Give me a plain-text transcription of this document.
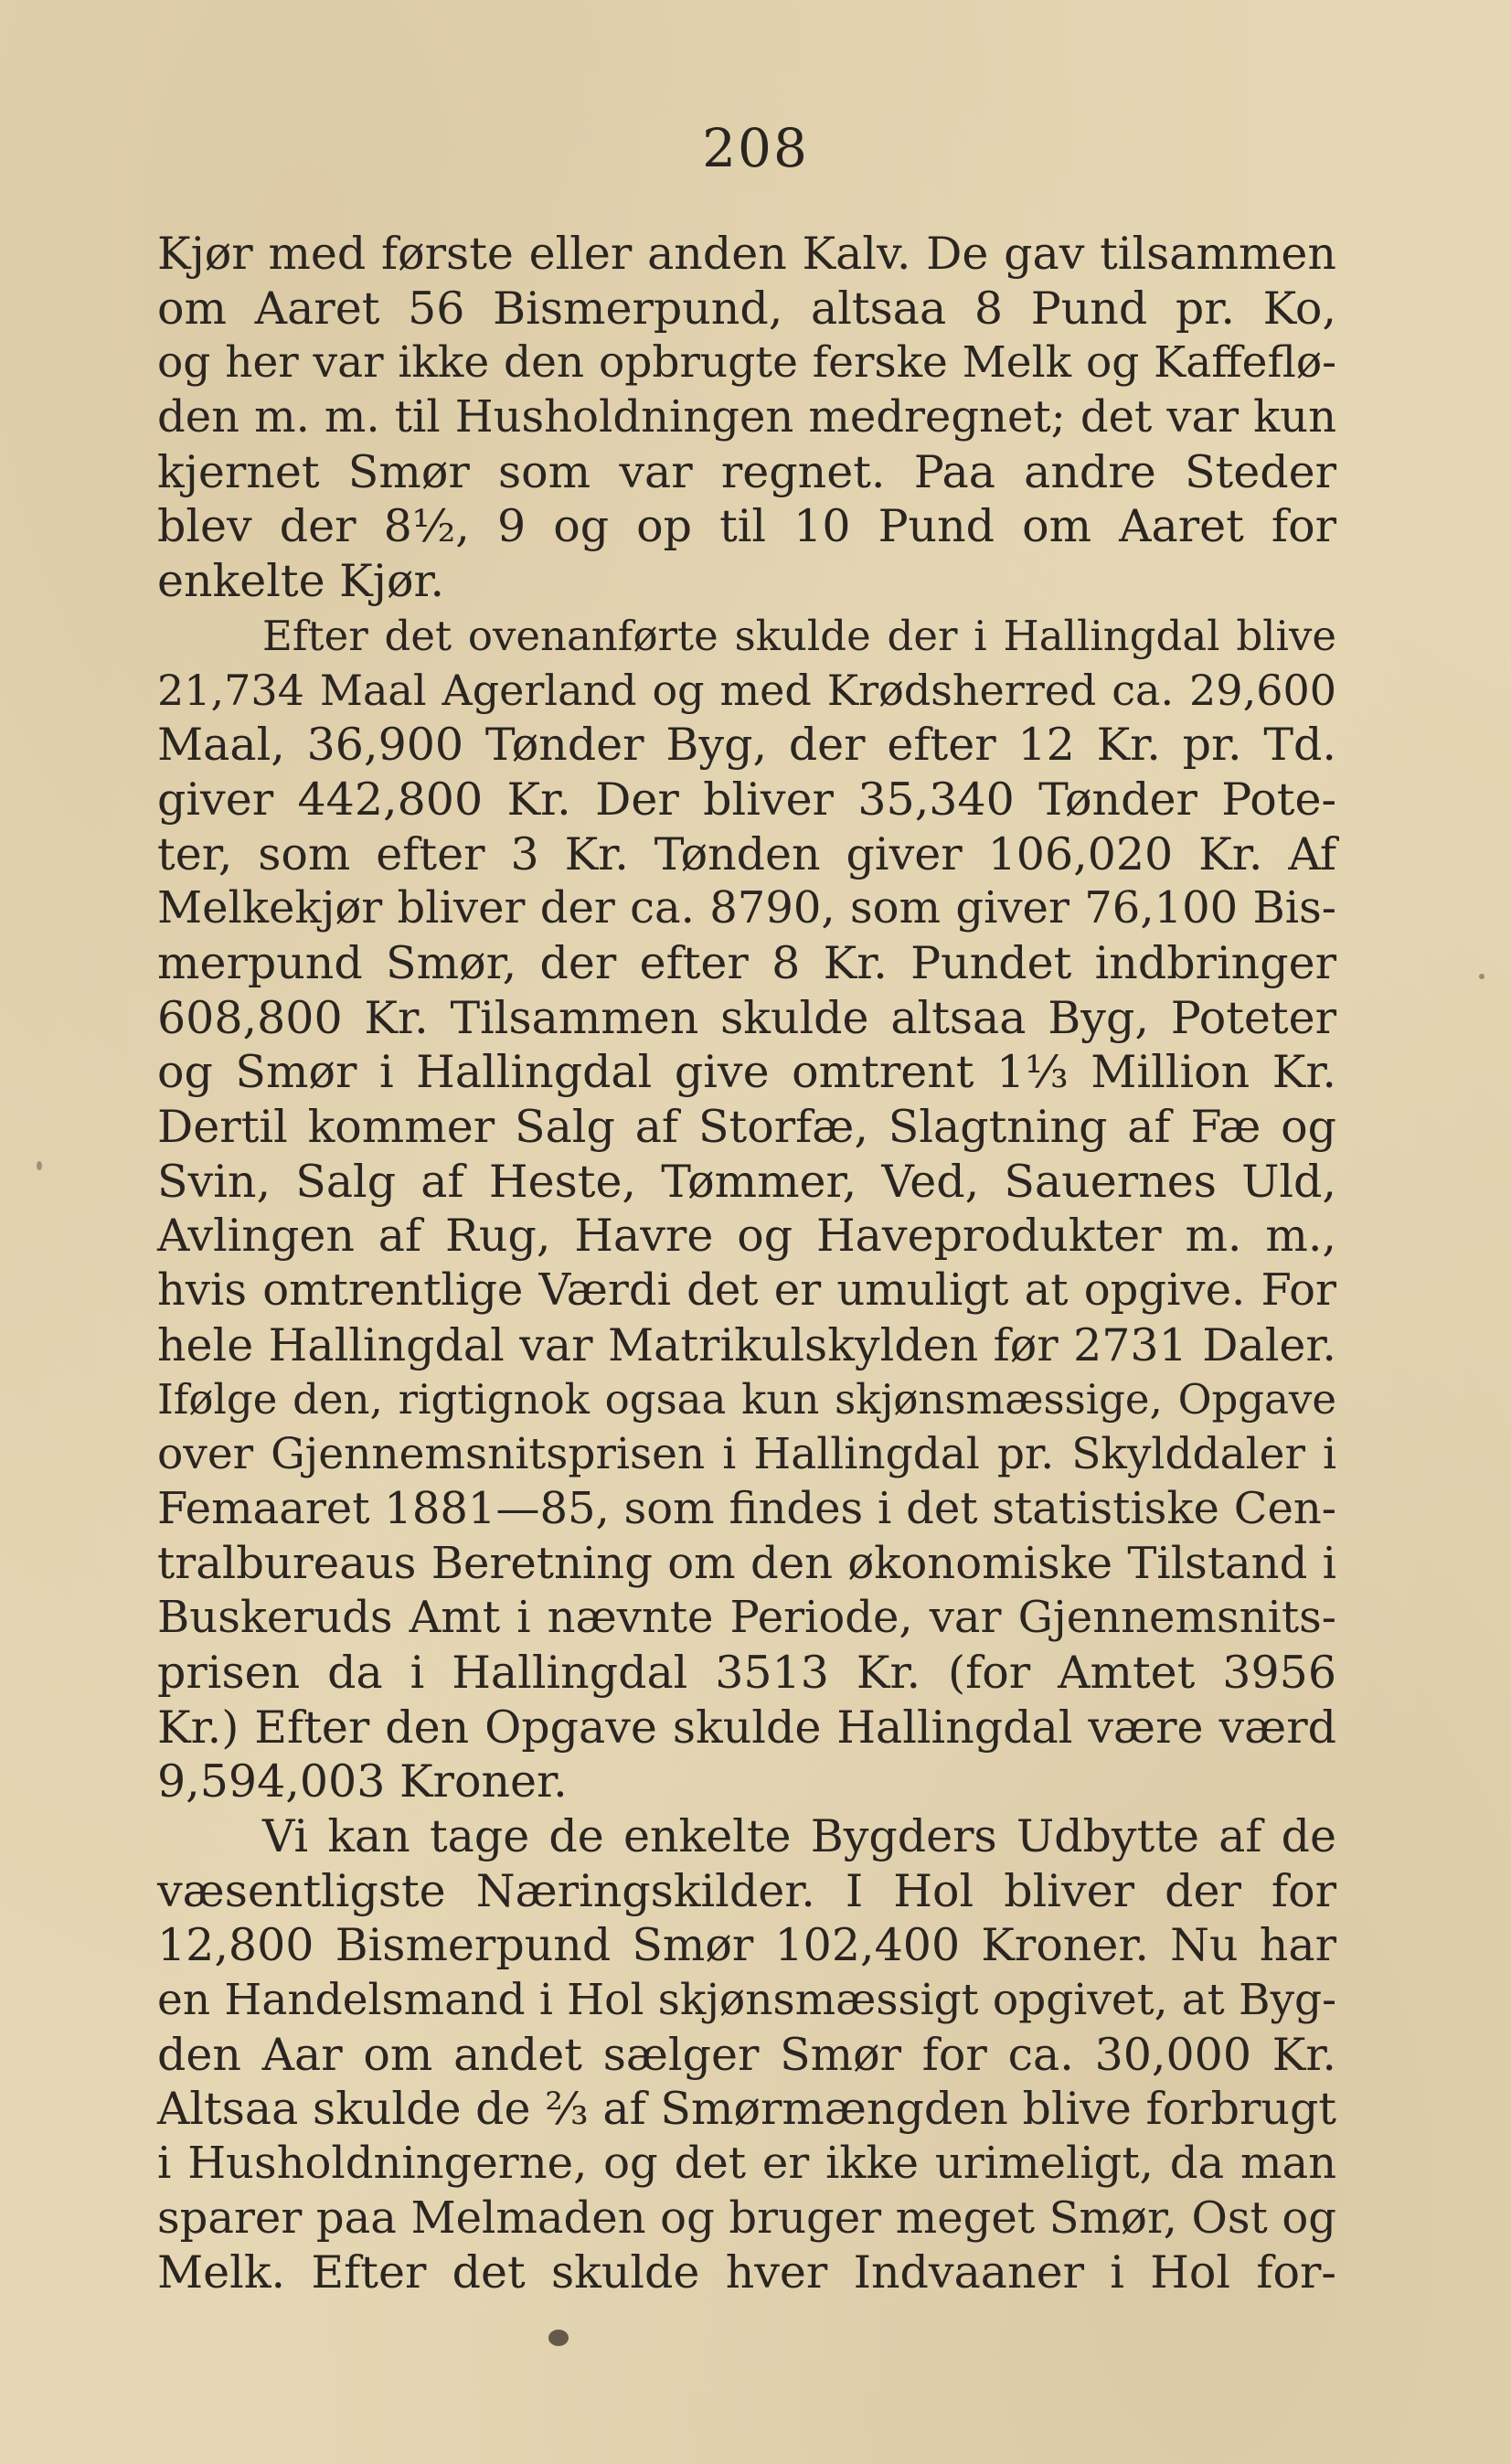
208
Kjør med første eller anden Kalv. De gav tilsammen
om Aaret 56 Bismerpund, altsaa 8 Pund pr. Ko,
og her var ikke den opbrugte ferske Melk og Kaffeflø-
den m. m. til Husholdningen medregnet; det var kun
kjernet Smør som var regnet. Paa andre Steder
blev der 8½, 9 og op til 10 Pund om Aaret for
enkelte Kjør.
Efter det ovenanførte skulde der i Hallingdal blive
21,734 Maal Agerland og med Krødsherred ca. 29,600
Maal, 36,900 Tønder Byg, der efter 12 Kr. pr. Td.
giver 442,800 Kr. Der bliver 35,340 Tønder Pote-
ter, som efter 3 Kr. Tønden giver 106,020 Kr. Af
Melkekjør bliver der ca. 8790, som giver 76,100 Bis-
merpund Smør, der efter 8 Kr. Pundet indbringer
608,800 Kr. Tilsammen skulde altsaa Byg, Poteter
og Smør i Hallingdal give omtrent 1⅓ Million Kr.
Dertil kommer Salg af Storfæ, Slagtning af Fæ og
Svin, Salg af Heste, Tømmer, Ved, Sauernes Uld,
Avlingen af Rug, Havre og Haveprodukter m. m.,
hvis omtrentlige Værdi det er umuligt at opgive. For
hele Hallingdal var Matrikulskylden før 2731 Daler.
Ifølge den, rigtignok ogsaa kun skjønsmæssige, Opgave
over Gjennemsnitsprisen i Hallingdal pr. Skylddaler i
Femaaret 1881—85, som findes i det statistiske Cen-
tralbureaus Beretning om den økonomiske Tilstand i
Buskeruds Amt i nævnte Periode, var Gjennemsnits-
prisen da i Hallingdal 3513 Kr. (for Amtet 3956
Kr.) Efter den Opgave skulde Hallingdal være værd
9,594,003 Kroner.
Vi kan tage de enkelte Bygders Udbytte af de
væsentligste Næringskilder. I Hol bliver der for
12,800 Bismerpund Smør 102,400 Kroner. Nu har
en Handelsmand i Hol skjønsmæssigt opgivet, at Byg-
den Aar om andet sælger Smør for ca. 30,000 Kr.
Altsaa skulde de ⅔ af Smørmængden blive forbrugt
i Husholdningerne, og det er ikke urimeligt, da man
sparer paa Melmaden og bruger meget Smør, Ost og
Melk. Efter det skulde hver Indvaaner i Hol for-
